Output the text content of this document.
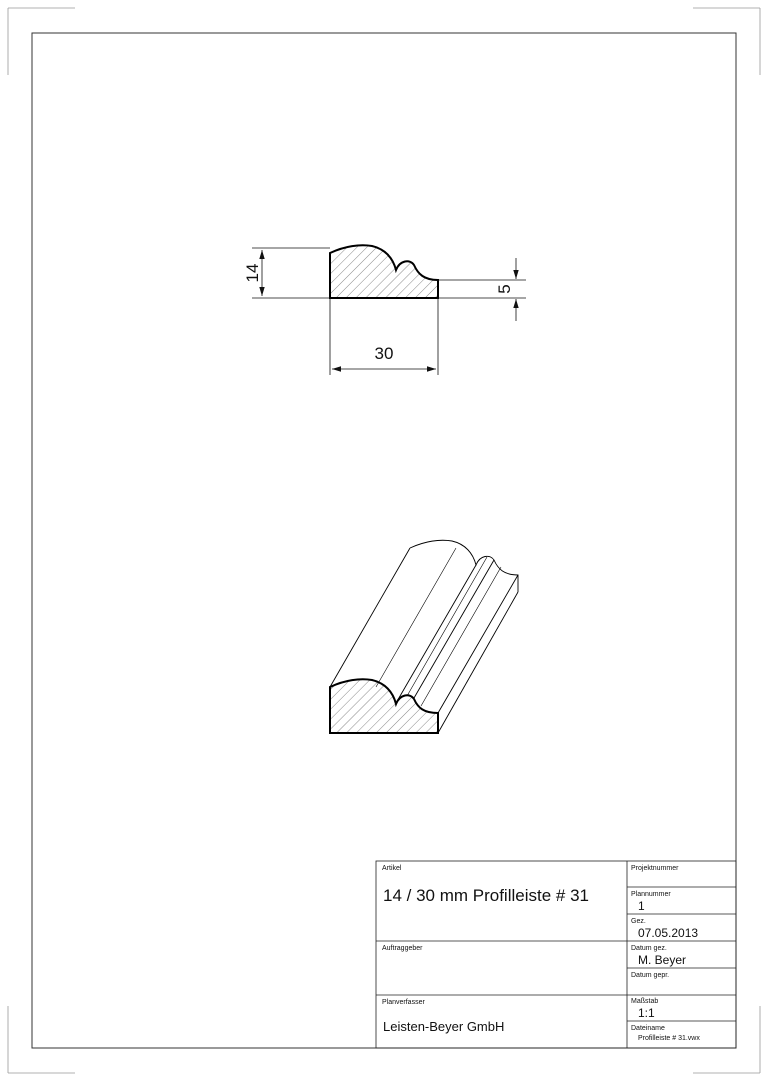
14
5
30
Artikel
14 / 30 mm Profilleiste # 31
Projektnummer
Plannummer
1
Gez.
07.05.2013
Auftraggeber	Datum gez.
M. Beyer
Datum gepr.
Planverfasser
Leisten-Beyer GmbH
Maßstab
1:1
Dateiname
Profilleiste # 31.vwx
